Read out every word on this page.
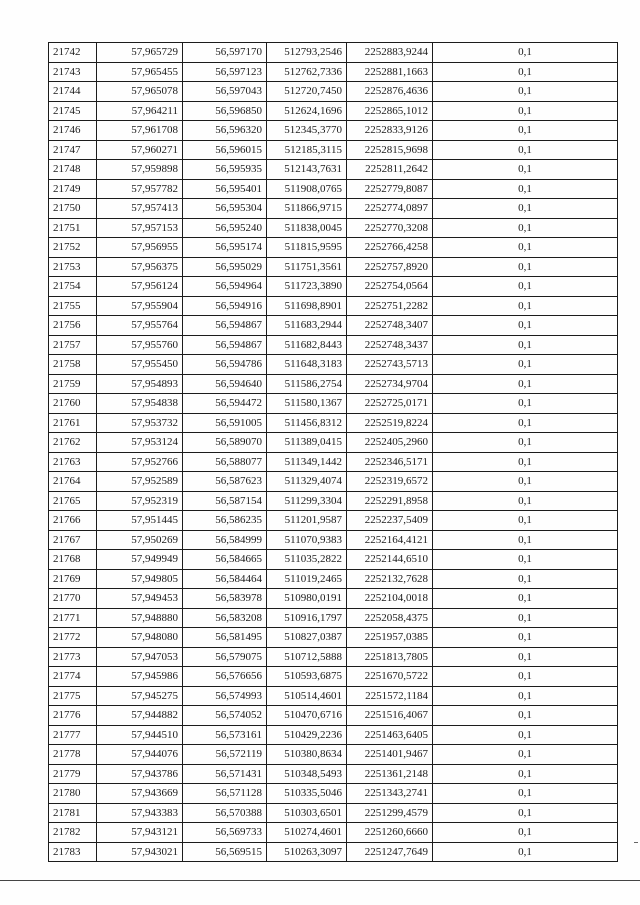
21742	57,965729	56,597170	512793,2546	2252883,9244	0,1
21743	57,965455	56,597123	512762,7336	2252881,1663	0,1
21744	57,965078	56,597043	512720,7450	2252876,4636	0,1
21745	57,964211	56,596850	512624,1696	2252865,1012	0,1
21746	57,961708	56,596320	512345,3770	2252833,9126	0,1
21747	57,960271	56,596015	512185,3115	2252815,9698	0,1
21748	57,959898	56,595935	512143,7631	2252811,2642	0,1
21749	57,957782	56,595401	511908,0765	2252779,8087	0,1
21750	57,957413	56,595304	511866,9715	2252774,0897	0,1
21751	57,957153	56,595240	511838,0045	2252770,3208	0,1
21752	57,956955	56,595174	511815,9595	2252766,4258	0,1
21753	57,956375	56,595029	511751,3561	2252757,8920	0,1
21754	57,956124	56,594964	511723,3890	2252754,0564	0,1
21755	57,955904	56,594916	511698,8901	2252751,2282	0,1
21756	57,955764	56,594867	511683,2944	2252748,3407	0,1
21757	57,955760	56,594867	511682,8443	2252748,3437	0,1
21758	57,955450	56,594786	511648,3183	2252743,5713	0,1
21759	57,954893	56,594640	511586,2754	2252734,9704	0,1
21760	57,954838	56,594472	511580,1367	2252725,0171	0,1
21761	57,953732	56,591005	511456,8312	2252519,8224	0,1
21762	57,953124	56,589070	511389,0415	2252405,2960	0,1
21763	57,952766	56,588077	511349,1442	2252346,5171	0,1
21764	57,952589	56,587623	511329,4074	2252319,6572	0,1
21765	57,952319	56,587154	511299,3304	2252291,8958	0,1
21766	57,951445	56,586235	511201,9587	2252237,5409	0,1
21767	57,950269	56,584999	511070,9383	2252164,4121	0,1
21768	57,949949	56,584665	511035,2822	2252144,6510	0,1
21769	57,949805	56,584464	511019,2465	2252132,7628	0,1
21770	57,949453	56,583978	510980,0191	2252104,0018	0,1
21771	57,948880	56,583208	510916,1797	2252058,4375	0,1
21772	57,948080	56,581495	510827,0387	2251957,0385	0,1
21773	57,947053	56,579075	510712,5888	2251813,7805	0,1
21774	57,945986	56,576656	510593,6875	2251670,5722	0,1
21775	57,945275	56,574993	510514,4601	2251572,1184	0,1
21776	57,944882	56,574052	510470,6716	2251516,4067	0,1
21777	57,944510	56,573161	510429,2236	2251463,6405	0,1
21778	57,944076	56,572119	510380,8634	2251401,9467	0,1
21779	57,943786	56,571431	510348,5493	2251361,2148	0,1
21780	57,943669	56,571128	510335,5046	2251343,2741	0,1
21781	57,943383	56,570388	510303,6501	2251299,4579	0,1
21782	57,943121	56,569733	510274,4601	2251260,6660	0,1
21783	57,943021	56,569515	510263,3097	2251247,7649	0,1
